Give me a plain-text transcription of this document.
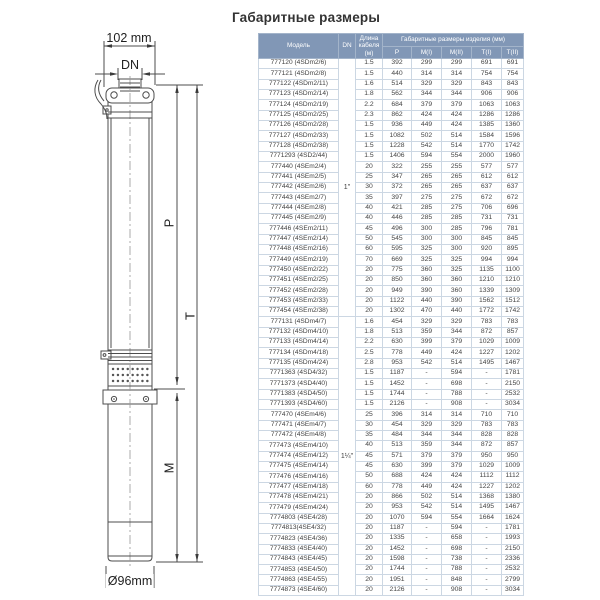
Габаритные размеры
102 mm
DN
P
T
M
Ø96mm
Модель	DN	Длина кабеля (м)	Габаритные размеры изделия (мм)				
			P	M(I)	M(II)	T(I)	T(II)
777120 (4SDm2/6)	1"	1.5	392	299	299	691	691
777121 (4SDm2/8)		1.5	440	314	314	754	754
777122 (4SDm2/11)		1.6	514	329	329	843	843
777123 (4SDm2/14)		1.8	562	344	344	906	906
777124 (4SDm2/19)		2.2	684	379	379	1063	1063
777125 (4SDm2/25)		2.3	862	424	424	1286	1286
777126 (4SDm2/28)		1.5	936	449	424	1385	1360
777127 (4SDm2/33)		1.5	1082	502	514	1584	1596
777128 (4SDm2/38)		1.5	1228	542	514	1770	1742
7771293 (4SD2/44)		1.5	1406	594	554	2000	1960
777440 (4SEm2/4)		20	322	255	255	577	577
777441 (4SEm2/5)		25	347	265	265	612	612
777442 (4SEm2/6)		30	372	265	265	637	637
777443 (4SEm2/7)		35	397	275	275	672	672
777444 (4SEm2/8)		40	421	285	275	706	696
777445 (4SEm2/9)		40	446	285	285	731	731
777446 (4SEm2/11)		45	496	300	285	796	781
777447 (4SEm2/14)		50	545	300	300	845	845
777448 (4SEm2/16)		60	595	325	300	920	895
777449 (4SEm2/19)		70	669	325	325	994	994
777450 (4SEm2/22)		20	775	360	325	1135	1100
777451 (4SEm2/25)		20	850	360	360	1210	1210
777452 (4SEm2/28)		20	949	390	360	1339	1309
777453 (4SEm2/33)		20	1122	440	390	1562	1512
777454 (4SEm2/38)		20	1302	470	440	1772	1742
777131 (4SDm4/7)	1¼"	1.6	454	329	329	783	783
777132 (4SDm4/10)		1.8	513	359	344	872	857
777133 (4SDm4/14)		2.2	630	399	379	1029	1009
777134 (4SDm4/18)		2.5	778	449	424	1227	1202
777135 (4SDm4/24)		2.8	953	542	514	1495	1467
7771363 (4SD4/32)		1.5	1187	-	594	-	1781
7771373 (4SD4/40)		1.5	1452	-	698	-	2150
7771383 (4SD4/50)		1.5	1744	-	788	-	2532
7771393 (4SD4/60)		1.5	2126	-	908	-	3034
777470 (4SEm4/6)		25	396	314	314	710	710
777471 (4SEm4/7)		30	454	329	329	783	783
777472 (4SEm4/8)		35	484	344	344	828	828
777473 (4SEm4/10)		40	513	359	344	872	857
777474 (4SEm4/12)		45	571	379	379	950	950
777475 (4SEm4/14)		45	630	399	379	1029	1009
777476 (4SEm4/16)		50	688	424	424	1112	1112
777477 (4SEm4/18)		60	778	449	424	1227	1202
777478 (4SEm4/21)		20	866	502	514	1368	1380
777479 (4SEm4/24)		20	953	542	514	1495	1467
7774803 (4SE4/28)		20	1070	594	554	1664	1624
7774813(4SE4/32)		20	1187	-	594	-	1781
7774823 (4SE4/36)		20	1335	-	658	-	1993
7774833 (4SE4/40)		20	1452	-	698	-	2150
7774843 (4SE4/45)		20	1598	-	738	-	2336
7774853 (4SE4/50)		20	1744	-	788	-	2532
7774863 (4SE4/55)		20	1951	-	848	-	2799
7774873 (4SE4/60)		20	2126	-	908	-	3034
